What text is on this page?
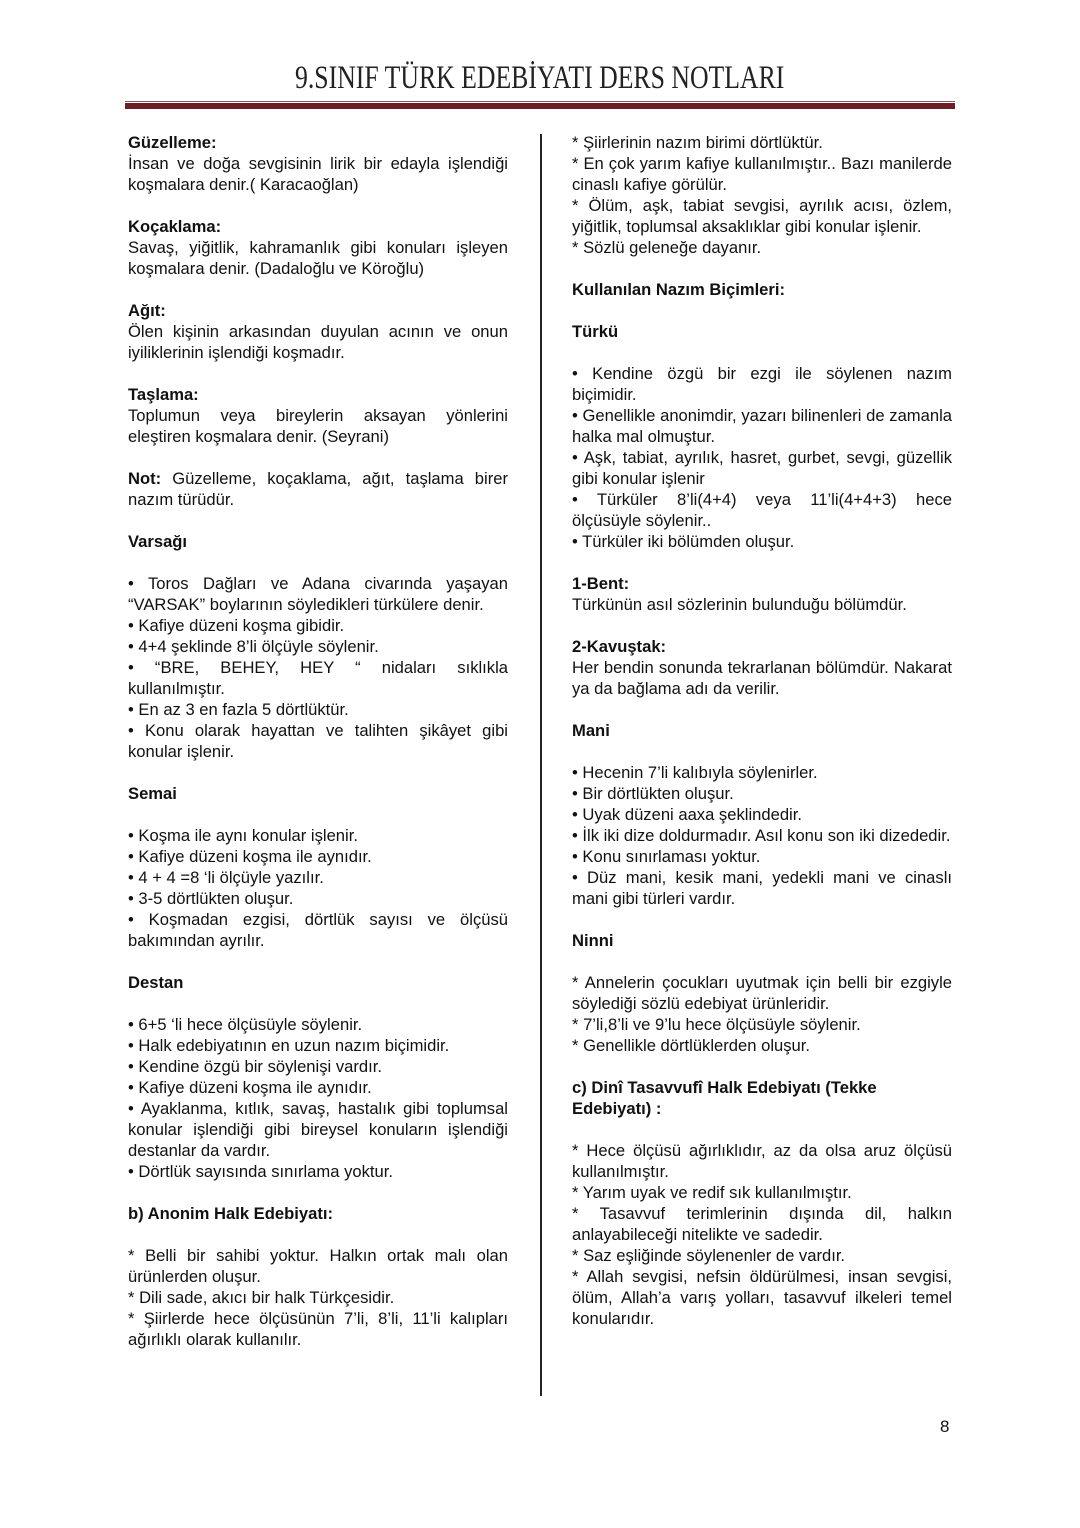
9.SINIF TÜRK EDEBİYATI DERS NOTLARI
Güzelleme:
İnsan ve doğa sevgisinin lirik bir edayla işlendiği koşmalara denir.( Karacaoğlan)
Koçaklama:
Savaş, yiğitlik, kahramanlık gibi konuları işleyen koşmalara denir. (Dadaloğlu ve Köroğlu)
Ağıt:
Ölen kişinin arkasından duyulan acının ve onun iyiliklerinin işlendiği koşmadır.
Taşlama:
Toplumun veya bireylerin aksayan yönlerini eleştiren koşmalara denir. (Seyrani)
Not: Güzelleme, koçaklama, ağıt, taşlama birer nazım türüdür.
Varsağı
• Toros Dağları ve Adana civarında yaşayan “VARSAK” boylarının söyledikleri türkülere denir.
• Kafiye düzeni koşma gibidir.
• 4+4 şeklinde 8’li ölçüyle söylenir.
• “BRE, BEHEY, HEY “ nidaları sıklıkla kullanılmıştır.
• En az 3 en fazla 5 dörtlüktür.
• Konu olarak hayattan ve talihten şikâyet gibi konular işlenir.
Semai
• Koşma ile aynı konular işlenir.
• Kafiye düzeni koşma ile aynıdır.
• 4 + 4 =8 ‘li ölçüyle yazılır.
• 3-5 dörtlükten oluşur.
• Koşmadan ezgisi, dörtlük sayısı ve ölçüsü bakımından ayrılır.
Destan
• 6+5 ‘li hece ölçüsüyle söylenir.
• Halk edebiyatının en uzun nazım biçimidir.
• Kendine özgü bir söylenişi vardır.
• Kafiye düzeni koşma ile aynıdır.
• Ayaklanma, kıtlık, savaş, hastalık gibi toplumsal konular işlendiği gibi bireysel konuların işlendiği destanlar da vardır.
• Dörtlük sayısında sınırlama yoktur.
b) Anonim Halk Edebiyatı:
* Belli bir sahibi yoktur. Halkın ortak malı olan ürünlerden oluşur.
* Dili sade, akıcı bir halk Türkçesidir.
* Şiirlerde hece ölçüsünün 7’li, 8’li, 11’li kalıpları ağırlıklı olarak kullanılır.
* Şiirlerinin nazım birimi dörtlüktür.
* En çok yarım kafiye kullanılmıştır.. Bazı manilerde cinaslı kafiye görülür.
* Ölüm, aşk, tabiat sevgisi, ayrılık acısı, özlem, yiğitlik, toplumsal aksaklıklar gibi konular işlenir.
* Sözlü geleneğe dayanır.
Kullanılan Nazım Biçimleri:
Türkü
• Kendine özgü bir ezgi ile söylenen nazım biçimidir.
• Genellikle anonimdir, yazarı bilinenleri de zamanla halka mal olmuştur.
• Aşk, tabiat, ayrılık, hasret, gurbet, sevgi, güzellik gibi konular işlenir
• Türküler 8’li(4+4) veya 11’li(4+4+3) hece ölçüsüyle söylenir..
• Türküler iki bölümden oluşur.
1-Bent:
Türkünün asıl sözlerinin bulunduğu bölümdür.
2-Kavuştak:
Her bendin sonunda tekrarlanan bölümdür. Nakarat ya da bağlama adı da verilir.
Mani
• Hecenin 7’li kalıbıyla söylenirler.
• Bir dörtlükten oluşur.
• Uyak düzeni aaxa şeklindedir.
• İlk iki dize doldurmadır. Asıl konu son iki dizededir.
• Konu sınırlaması yoktur.
• Düz mani, kesik mani, yedekli mani ve cinaslı mani gibi türleri vardır.
Ninni
* Annelerin çocukları uyutmak için belli bir ezgiyle söylediği sözlü edebiyat ürünleridir.
* 7’li,8’li ve 9’lu hece ölçüsüyle söylenir.
* Genellikle dörtlüklerden oluşur.
c) Dinî Tasavvufî Halk Edebiyatı (Tekke Edebiyatı) :
* Hece ölçüsü ağırlıklıdır, az da olsa aruz ölçüsü kullanılmıştır.
* Yarım uyak ve redif sık kullanılmıştır.
* Tasavvuf terimlerinin dışında dil, halkın anlayabileceği nitelikte ve sadedir.
* Saz eşliğinde söylenenler de vardır.
* Allah sevgisi, nefsin öldürülmesi, insan sevgisi, ölüm, Allah’a varış yolları, tasavvuf ilkeleri temel konularıdır.
8
